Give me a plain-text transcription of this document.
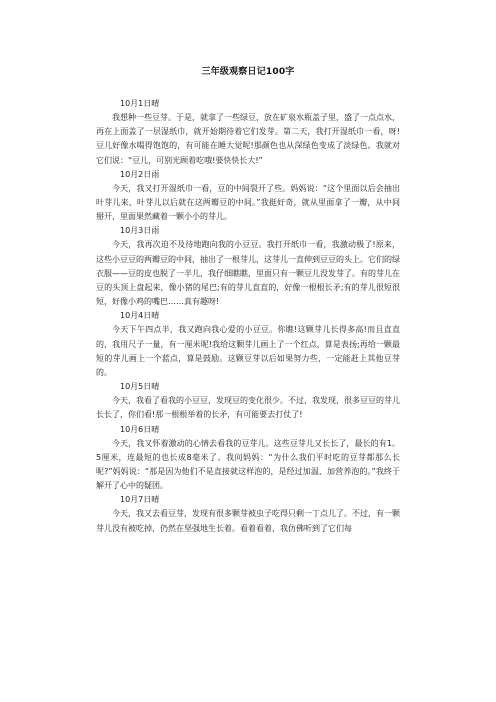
三年级观察日记100字

10月1日晴

我想种一些豆芽。于是，就拿了一些绿豆，放在矿泉水瓶盖子里，盛了一点点水，再在上面盖了一层湿纸巾，就开始期待着它们发芽。第二天，我打开湿纸巾一看，呀!豆儿好像水喝得饱饱的，有可能在睡大觉呢!那颜色也从深绿色变成了淡绿色。我就对它们说：“豆儿，可别光顾着吃哦!要快快长大!”

10月2日雨

今天，我又打开湿纸巾一看，豆的中间裂开了些。妈妈说：“这个里面以后会抽出叶芽儿来，叶芽儿以后就在这两瓣豆的中间。”我挺好奇，就从里面拿了一瓣，从中间掰开，里面果然藏着一颗小小的芽儿。

10月3日雨

今天，我再次迫不及待地跑向我的小豆豆。我打开纸巾一看，我激动极了!原来，这些小豆豆的两瓣豆的中间，抽出了一根芽儿，这芽儿一直伸到豆豆的头上。它们的绿衣服——豆的皮也脱了一半儿，我仔细瞧瞧，里面只有一颗豆儿没发芽了。有的芽儿在豆的头顶上盘起来，像小猪的尾巴;有的芽儿直直的，好像一根根长矛;有的芽儿很短很短，好像小鸡的嘴巴……真有趣呀!

10月4日晴

今天下午四点半，我又跑向我心爱的小豆豆。你瞧!这颗芽儿长得多高!而且直直的，我用尺子一量，有一厘米呢!我给这颗芽儿画上了一个红点，算是表扬;再给一颗最短的芽儿画上一个蓝点，算是鼓励。这颗豆芽以后如果努力些，一定能赶上其他豆芽的。

10月5日晴

今天，我看了看我的小豆豆，发现豆的变化很少。不过，我发现，很多豆豆的芽儿长长了，你们看!那一根根举着的长矛，有可能要去打仗了!

10月6日晴

今天，我又怀着激动的心情去看我的豆芽儿。这些豆芽儿又长长了，最长的有1。5厘米，连最短的也长成8毫米了。我问妈妈：“为什么我们平时吃的豆芽都那么长呢?”妈妈说：“那是因为他们不是直接就这样泡的，是经过加温、加营养泡的。”我终于解开了心中的疑团。

10月7日晴

今天，我又去看豆芽，发现有很多颗芽被虫子吃得只剩一丁点儿了。不过，有一颗芽儿没有被吃掉，仍然在坚强地生长着。看着看着，我仿佛听到了它们每
